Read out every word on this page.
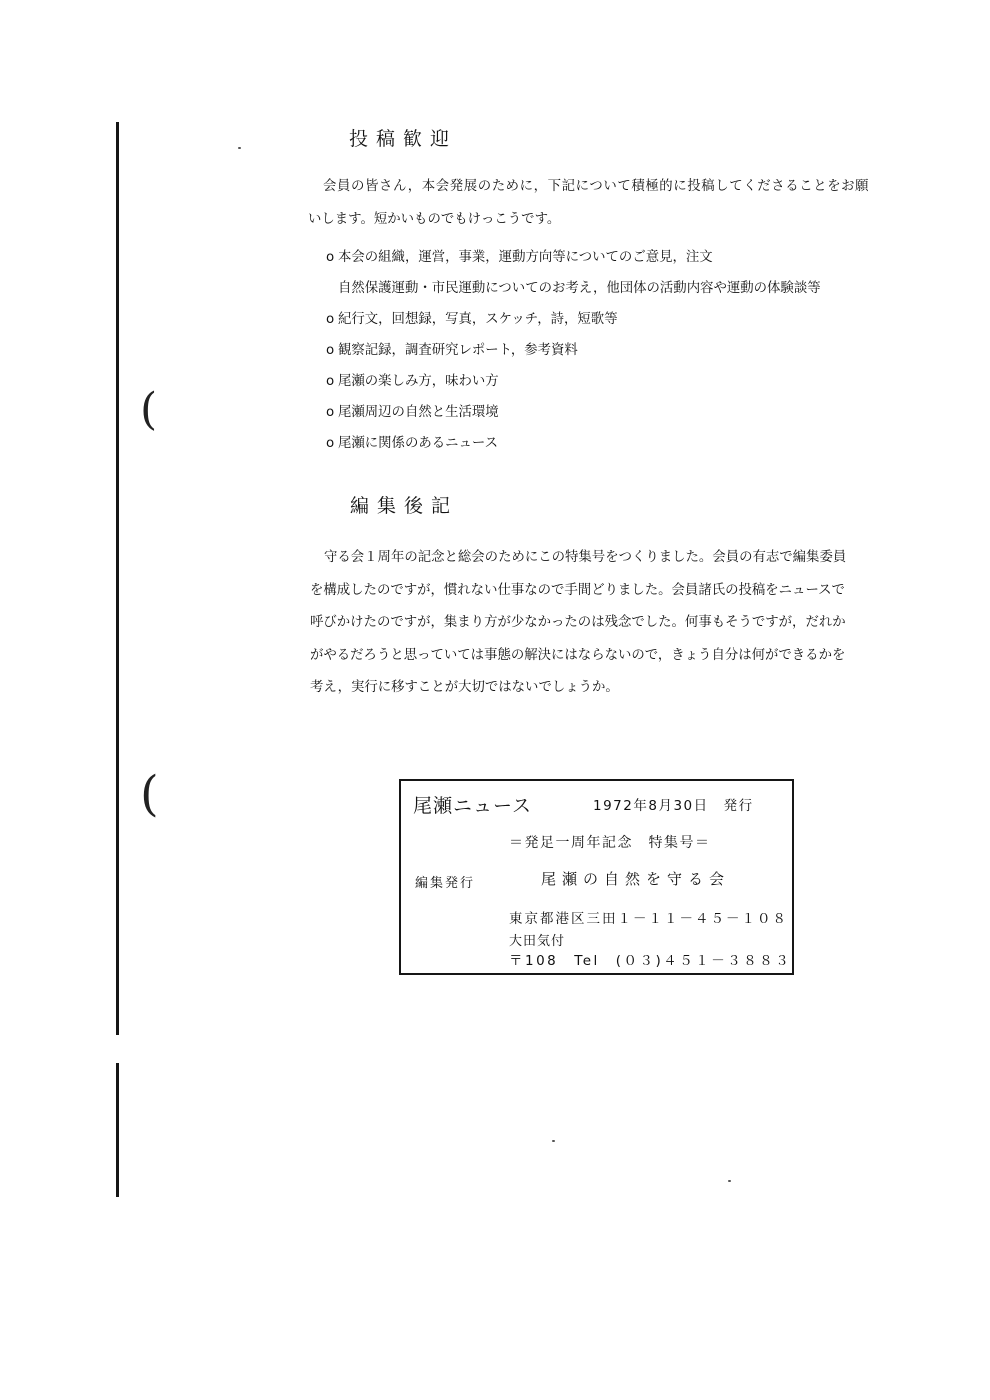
(
(
投稿歓迎
会員の皆さん，本会発展のために，下記について積極的に投稿してくださることをお願
いします。短かいものでもけっこうです。
o 本会の組織，運営，事業，運動方向等についてのご意見，注文
自然保護運動・市民運動についてのお考え，他団体の活動内容や運動の体験談等
o 紀行文，回想録，写真，スケッチ，詩，短歌等
o 観察記録，調査研究レポート，参考資料
o 尾瀬の楽しみ方，味わい方
o 尾瀬周辺の自然と生活環境
o 尾瀬に関係のあるニュース
編集後記
守る会１周年の記念と総会のためにこの特集号をつくりました。会員の有志で編集委員
を構成したのですが，慣れない仕事なので手間どりました。会員諸氏の投稿をニュースで
呼びかけたのですが，集まり方が少なかったのは残念でした。何事もそうですが，だれか
がやるだろうと思っていては事態の解決にはならないので，きょう自分は何ができるかを
考え，実行に移すことが大切ではないでしょうか。
尾瀬ニュース	1972年8月30日　発行
＝発足一周年記念　特集号＝
編集発行	尾瀬の自然を守る会
東京都港区三田１－１１－４５－１０８
大田気付
〒108　Tel　(０３)４５１－３８８３
